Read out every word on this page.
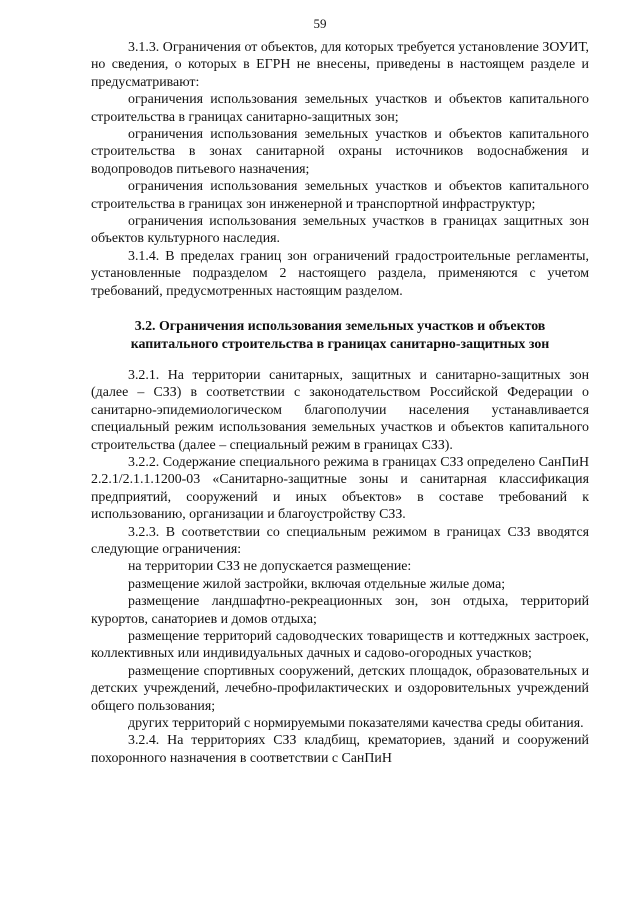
59

3.1.3. Ограничения от объектов, для которых требуется установление ЗОУИТ, но сведения, о которых в ЕГРН не внесены, приведены в настоящем разделе и предусматривают:

ограничения использования земельных участков и объектов капитального строительства в границах санитарно-защитных зон;

ограничения использования земельных участков и объектов капитального строительства в зонах санитарной охраны источников водоснабжения и водопроводов питьевого назначения;

ограничения использования земельных участков и объектов капитального строительства в границах зон инженерной и транспортной инфраструктур;

ограничения использования земельных участков в границах защитных зон объектов культурного наследия.

3.1.4. В пределах границ зон ограничений градостроительные регламенты, установленные подразделом 2 настоящего раздела, применяются с учетом требований, предусмотренных настоящим разделом.

3.2. Ограничения использования земельных участков и объектов капитального строительства в границах санитарно-защитных зон

3.2.1. На территории санитарных, защитных и санитарно-защитных зон (далее – СЗЗ) в соответствии с законодательством Российской Федерации о санитарно-эпидемиологическом благополучии населения устанавливается специальный режим использования земельных участков и объектов капитального строительства (далее – специальный режим в границах СЗЗ).

3.2.2. Содержание специального режима в границах СЗЗ определено СанПиН 2.2.1/2.1.1.1200-03 «Санитарно-защитные зоны и санитарная классификация предприятий, сооружений и иных объектов» в составе требований к использованию, организации и благоустройству СЗЗ.

3.2.3. В соответствии со специальным режимом в границах СЗЗ вводятся следующие ограничения:

на территории СЗЗ не допускается размещение:

размещение жилой застройки, включая отдельные жилые дома;

размещение ландшафтно-рекреационных зон, зон отдыха, территорий курортов, санаториев и домов отдыха;

размещение территорий садоводческих товариществ и коттеджных застроек, коллективных или индивидуальных дачных и садово-огородных участков;

размещение спортивных сооружений, детских площадок, образовательных и детских учреждений, лечебно-профилактических и оздоровительных учреждений общего пользования;

других территорий с нормируемыми показателями качества среды обитания.

3.2.4. На территориях СЗЗ кладбищ, крематориев, зданий и сооружений похоронного назначения в соответствии с СанПиН
